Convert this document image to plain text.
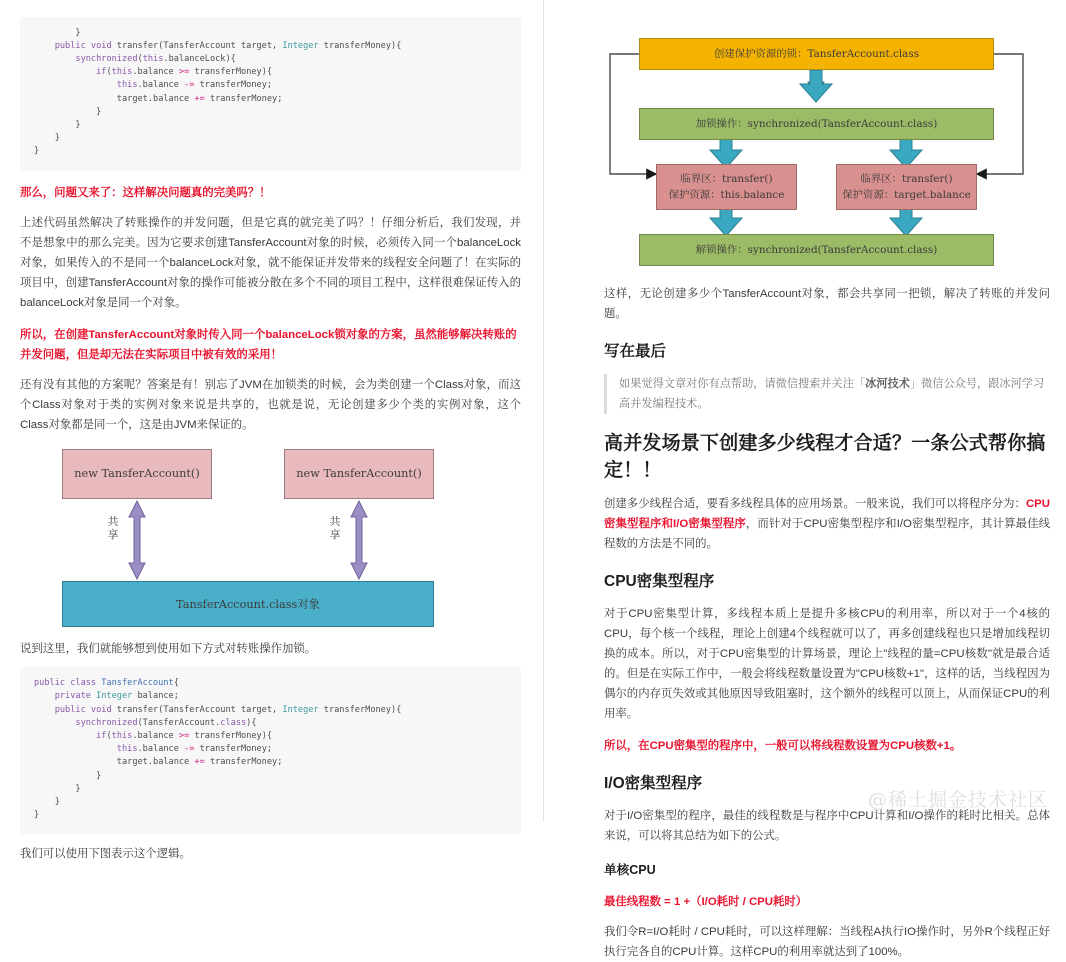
}
public void transfer(TansferAccount target, Integer transferMoney){
synchronized(this.balanceLock){
if(this.balance >= transferMoney){
this.balance -= transferMoney;
target.balance += transferMoney;
}
}
}
}

那么，问题又来了：这样解决问题真的完美吗？！

上述代码虽然解决了转账操作的并发问题，但是它真的就完美了吗？！仔细分析后，我们发现，并不是想象中的那么完美。因为它要求创建TansferAccount对象的时候，必须传入同一个balanceLock对象，如果传入的不是同一个balanceLock对象，就不能保证并发带来的线程安全问题了！在实际的项目中，创建TansferAccount对象的操作可能被分散在多个不同的项目工程中，这样很难保证传入的balanceLock对象是同一个对象。

所以，在创建TansferAccount对象时传入同一个balanceLock锁对象的方案，虽然能够解决转账的并发问题，但是却无法在实际项目中被有效的采用！

还有没有其他的方案呢？答案是有！别忘了JVM在加锁类的时候，会为类创建一个Class对象，而这个Class对象对于类的实例对象来说是共享的，也就是说，无论创建多少个类的实例对象，这个Class对象都是同一个，这是由JVM来保证的。

new TansferAccount()	new TansferAccount()
共享
共享
TansferAccount.class对象

说到这里，我们就能够想到使用如下方式对转账操作加锁。

public class TansferAccount{
private Integer balance;
public void transfer(TansferAccount target, Integer transferMoney){
synchronized(TansferAccount.class){
if(this.balance >= transferMoney){
this.balance -= transferMoney;
target.balance += transferMoney;
}
}
}
}

我们可以使用下图表示这个逻辑。

创建保护资源的锁：TansferAccount.class
加锁操作：synchronized(TansferAccount.class)
临界区：transfer()
保护资源：this.balance
临界区：transfer()
保护资源：target.balance
解锁操作：synchronized(TansferAccount.class)

这样，无论创建多少个TansferAccount对象，都会共享同一把锁，解决了转账的并发问题。

写在最后
如果觉得文章对你有点帮助，请微信搜索并关注「冰河技术」微信公众号，跟冰河学习高并发编程技术。
高并发场景下创建多少线程才合适？一条公式帮你搞定！！

创建多少线程合适，要看多线程具体的应用场景。一般来说，我们可以将程序分为：CPU密集型程序和I/O密集型程序，而针对于CPU密集型程序和I/O密集型程序，其计算最佳线程数的方法是不同的。

CPU密集型程序

对于CPU密集型计算，多线程本质上是提升多核CPU的利用率，所以对于一个4核的CPU，每个核一个线程，理论上创建4个线程就可以了，再多创建线程也只是增加线程切换的成本。所以，对于CPU密集型的计算场景，理论上"线程的量=CPU核数"就是最合适的。但是在实际工作中，一般会将线程数量设置为"CPU核数+1"，这样的话，当线程因为偶尔的内存页失效或其他原因导致阻塞时，这个额外的线程可以顶上，从而保证CPU的利用率。

所以，在CPU密集型的程序中，一般可以将线程数设置为CPU核数+1。

I/O密集型程序

对于I/O密集型的程序，最佳的线程数是与程序中CPU计算和I/O操作的耗时比相关。总体来说，可以将其总结为如下的公式。

单核CPU

最佳线程数 = 1 +（I/O耗时 / CPU耗时）

我们令R=I/O耗时 / CPU耗时，可以这样理解：当线程A执行IO操作时，另外R个线程正好执行完各自的CPU计算。这样CPU的利用率就达到了100%。

@稀土掘金技术社区
